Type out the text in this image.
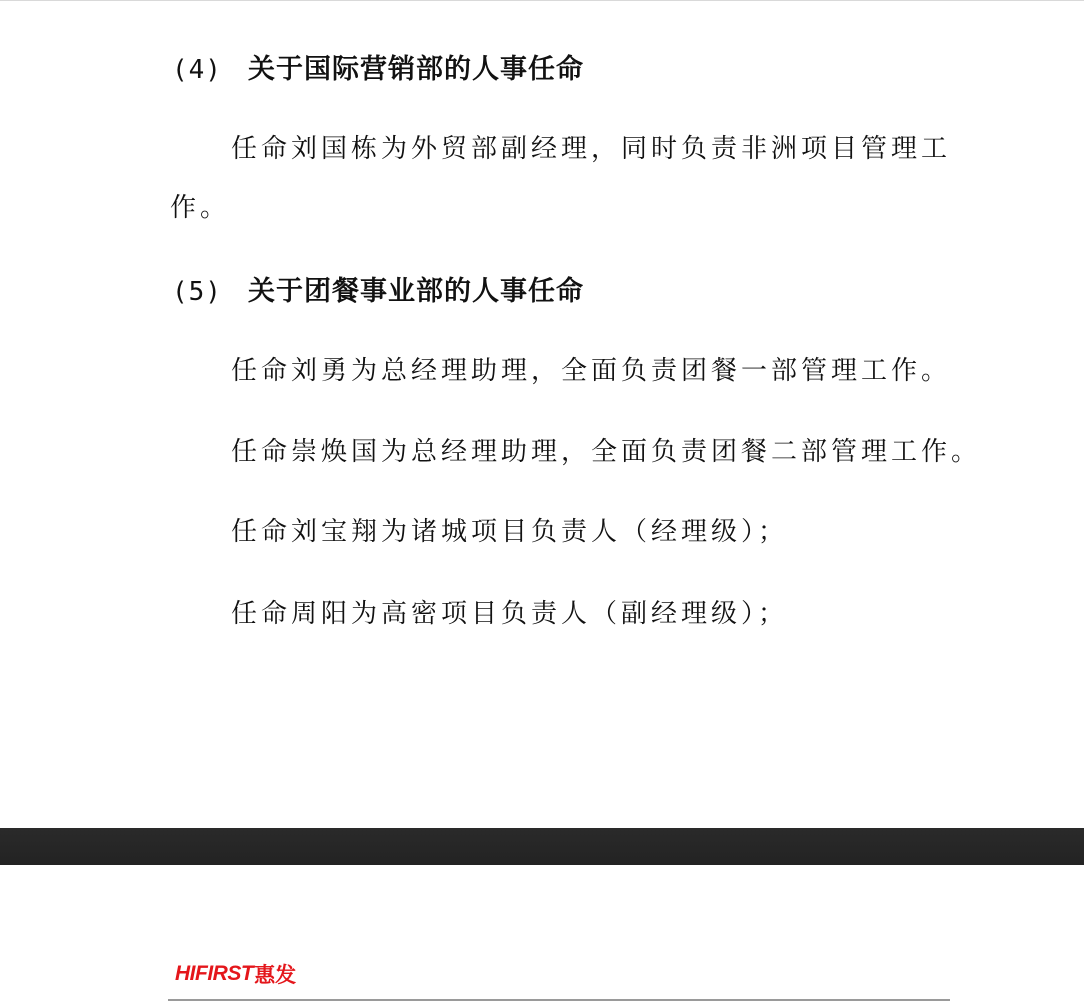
(4) 关于国际营销部的人事任命
任命刘国栋为外贸部副经理，同时负责非洲项目管理工
作。
(5) 关于团餐事业部的人事任命
任命刘勇为总经理助理，全面负责团餐一部管理工作。
任命崇焕国为总经理助理，全面负责团餐二部管理工作。
任命刘宝翔为诸城项目负责人（经理级）；
任命周阳为高密项目负责人（副经理级）；
HIFIRST 惠发
